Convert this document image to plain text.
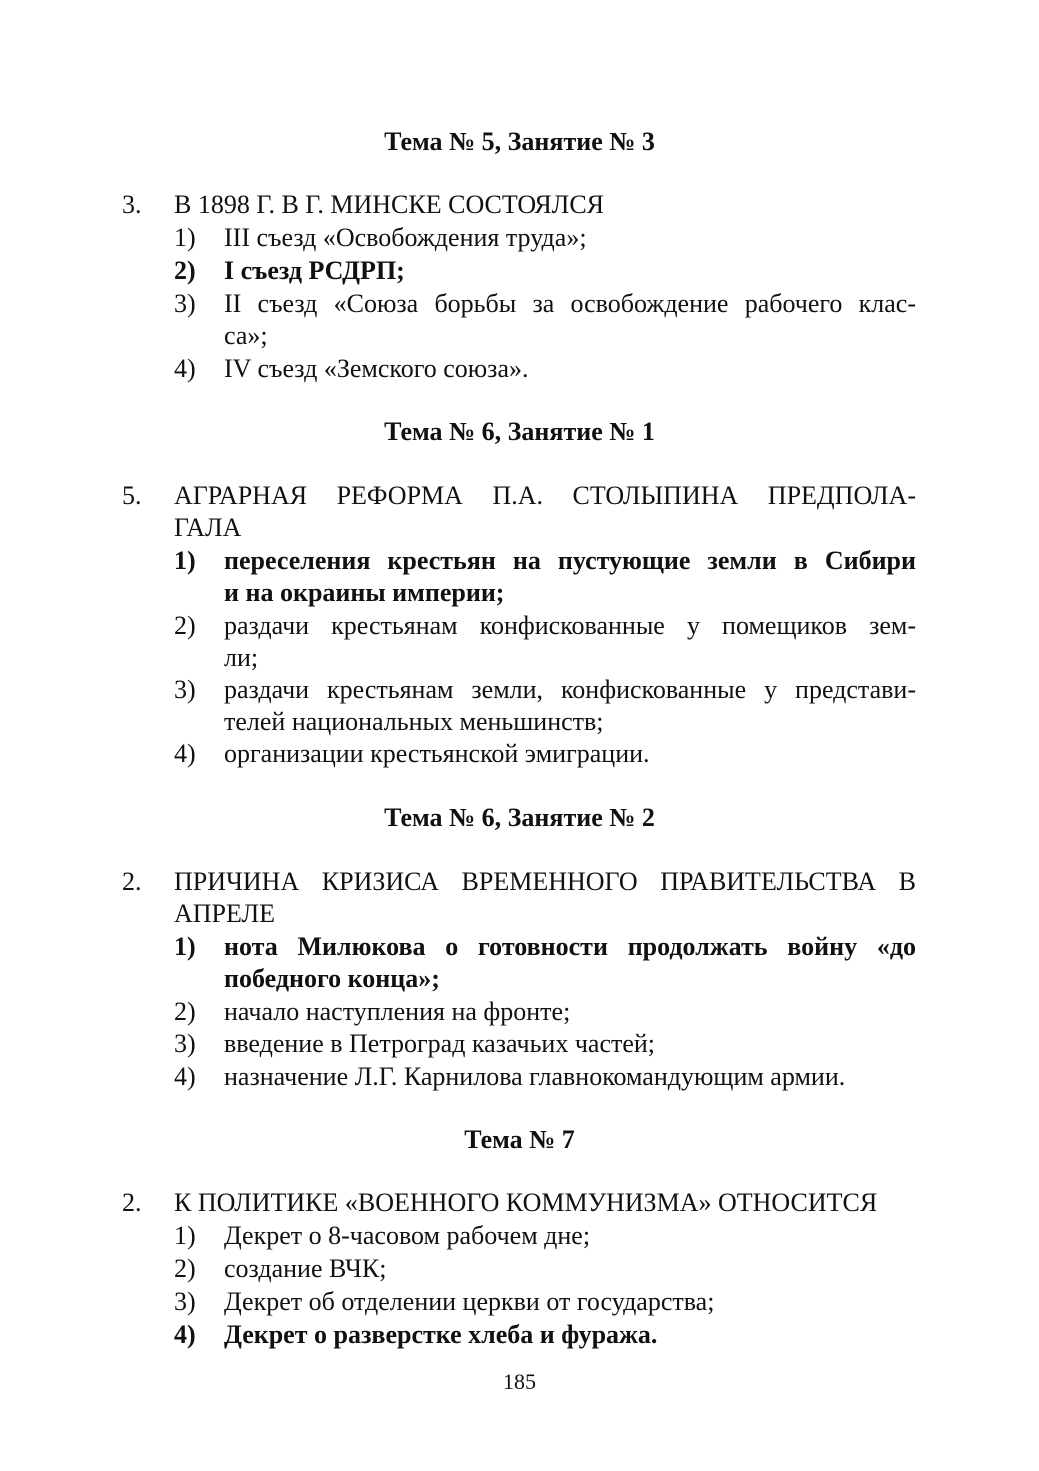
Тема № 5, Занятие № 3
3. В 1898 Г. В Г. МИНСКЕ СОСТОЯЛСЯ
1) III съезд «Освобождения труда»;
2) I съезд РСДРП;
3) II съезд «Союза борьбы за освобождение рабочего клас-
са»;
4) IV съезд «Земского союза».
Тема № 6, Занятие № 1
5. АГРАРНАЯ РЕФОРМА П.А. СТОЛЫПИНА ПРЕДПОЛА-
ГАЛА
1) переселения крестьян на пустующие земли в Сибири
и на окраины империи;
2) раздачи крестьянам конфискованные у помещиков зем-
ли;
3) раздачи крестьянам земли, конфискованные у представи-
телей национальных меньшинств;
4) организации крестьянской эмиграции.
Тема № 6, Занятие № 2
2. ПРИЧИНА КРИЗИСА ВРЕМЕННОГО ПРАВИТЕЛЬСТВА В
АПРЕЛЕ
1) нота Милюкова о готовности продолжать войну «до
победного конца»;
2) начало наступления на фронте;
3) введение в Петроград казачьих частей;
4) назначение Л.Г. Карнилова главнокомандующим армии.
Тема № 7
2. К ПОЛИТИКЕ «ВОЕННОГО КОММУНИЗМА» ОТНОСИТСЯ
1) Декрет о 8-часовом рабочем дне;
2) создание ВЧК;
3) Декрет об отделении церкви от государства;
4) Декрет о разверстке хлеба и фуража.
185
